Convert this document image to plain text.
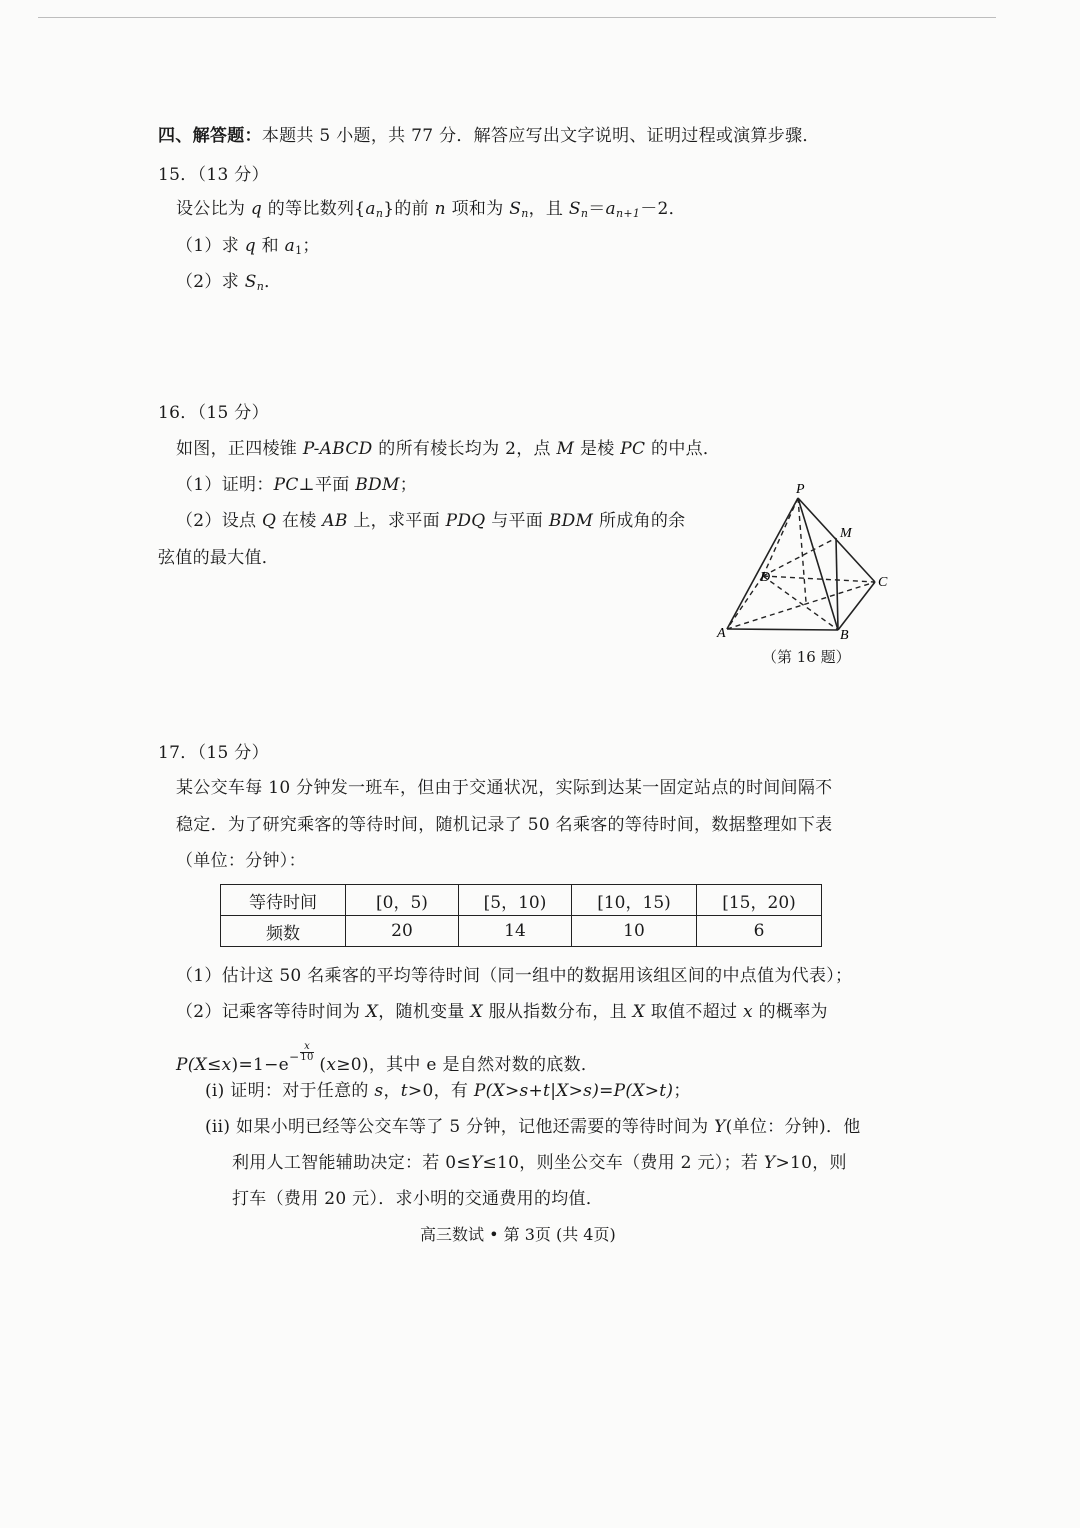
四、解答题：本题共 5 小题，共 77 分．解答应写出文字说明、证明过程或演算步骤．
15．（13 分）
设公比为 q 的等比数列$\{a_n\}$的前 n 项和为 $S_n$，且 $S_n=a_{n+1}-2$．
（1）求 q 和 $a_1$；
（2）求 $S_n$．
16．（15 分）
如图，正四棱锥 P-ABCD 的所有棱长均为 2，点 M 是棱 PC 的中点．
（1）证明：PC⊥平面 BDM；
（2）设点 Q 在棱 AB 上，求平面 PDQ 与平面 BDM 所成角的余
弦值的最大值．
P
M
D	C
A	B
（第 16 题）
17．（15 分）
某公交车每 10 分钟发一班车，但由于交通状况，实际到达某一固定站点的时间间隔不
稳定．为了研究乘客的等待时间，随机记录了 50 名乘客的等待时间，数据整理如下表
（单位：分钟）：
等待时间	[0，5)	[5，10)	[10，15)	[15，20)
频数	20	14	10	6
（1）估计这 50 名乘客的平均等待时间（同一组中的数据用该组区间的中点值为代表）；
（2）记乘客等待时间为 X，随机变量 X 服从指数分布，且 X 取值不超过 x 的概率为
$P(X\le x)=1-e^- \frac{x}{10}$
(x≥0)，其中 e 是自然对数的底数．
(i) 证明：对于任意的 s，t>0，有 P(X>s+t|X>s)=P(X>t)；
(ii) 如果小明已经等公交车等了 5 分钟，记他还需要的等待时间为 Y(单位：分钟)．他
利用人工智能辅助决定：若 0≤Y≤10，则坐公交车（费用 2 元）；若 Y>10，则
打车（费用 20 元）．求小明的交通费用的均值．
高三数试 • 第 3页 (共 4页)
